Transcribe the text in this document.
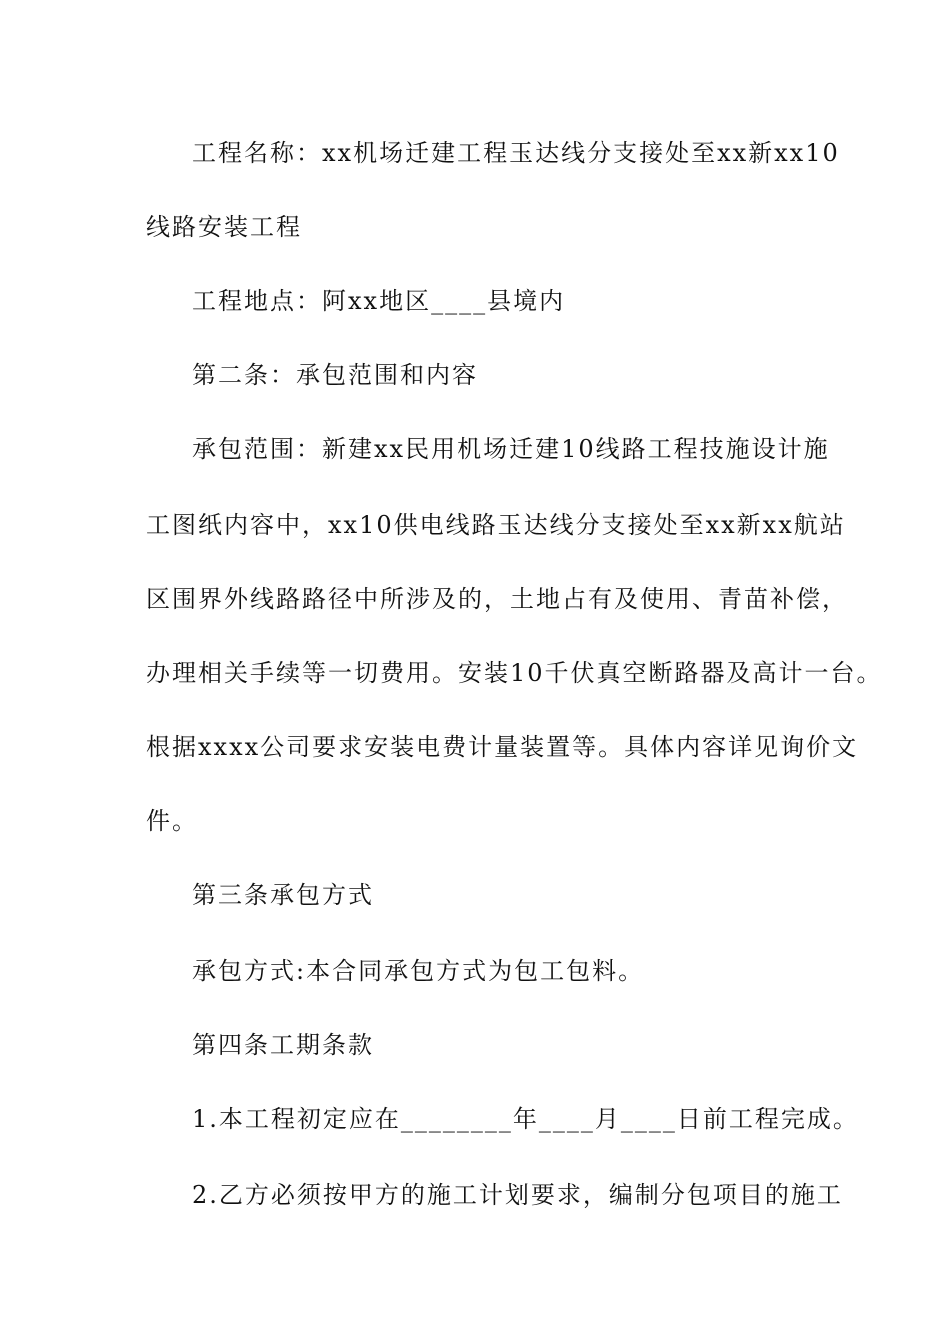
工程名称：xx机场迁建工程玉达线分支接处至xx新xx10
线路安装工程
工程地点：阿xx地区____县境内
第二条：承包范围和内容
承包范围：新建xx民用机场迁建10线路工程技施设计施
工图纸内容中，xx10供电线路玉达线分支接处至xx新xx航站
区围界外线路路径中所涉及的，土地占有及使用、青苗补偿，
办理相关手续等一切费用。安装10千伏真空断路器及高计一台。
根据xxxx公司要求安装电费计量装置等。具体内容详见询价文
件。
第三条承包方式
承包方式:本合同承包方式为包工包料。
第四条工期条款
1.本工程初定应在________年____月____日前工程完成。
2.乙方必须按甲方的施工计划要求，编制分包项目的施工
